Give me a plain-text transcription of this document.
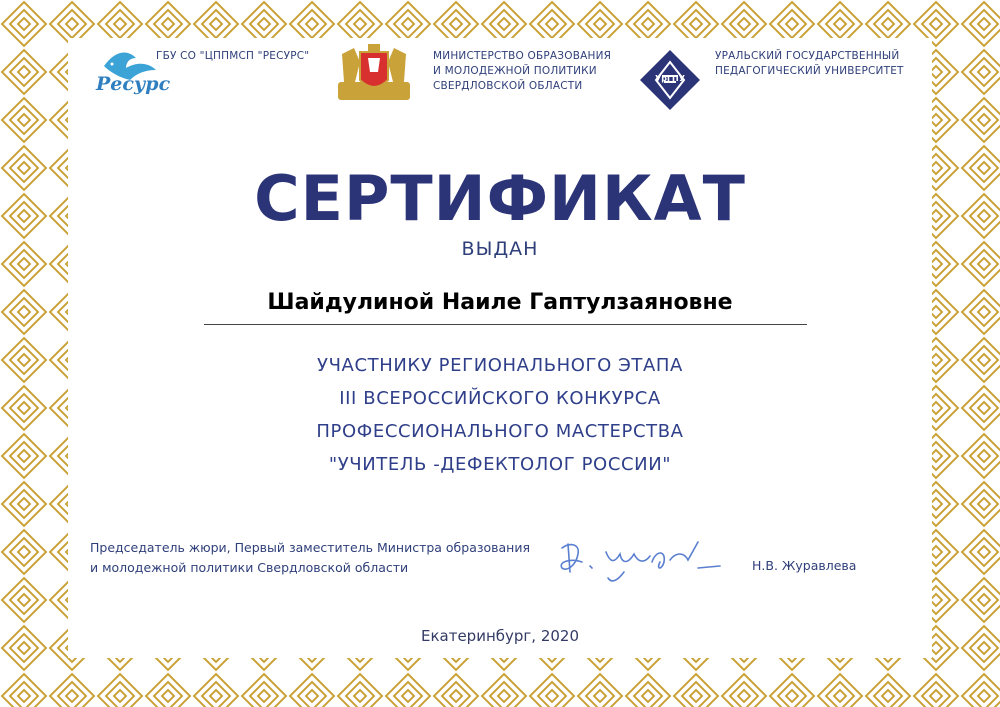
Ресурс
ГБУ СО "ЦППМСП "РЕСУРС"	МИНИСТЕРСТВО ОБРАЗОВАНИЯ
И МОЛОДЕЖНОЙ ПОЛИТИКИ
СВЕРДЛОВСКОЙ ОБЛАСТИ
УрГПУ
УРАЛЬСКИЙ ГОСУДАРСТВЕННЫЙ
ПЕДАГОГИЧЕСКИЙ УНИВЕРСИТЕТ
СЕРТИФИКАТ
ВЫДАН
Шайдулиной Наиле Гаптулзаяновне
УЧАСТНИКУ РЕГИОНАЛЬНОГО ЭТАПА
III ВСЕРОССИЙСКОГО КОНКУРСА
ПРОФЕССИОНАЛЬНОГО МАСТЕРСТВА
"УЧИТЕЛЬ -ДЕФЕКТОЛОГ РОССИИ"
Председатель жюри, Первый заместитель Министра образования
и молодежной политики Свердловской области	Н.В. Журавлева
Екатеринбург, 2020
